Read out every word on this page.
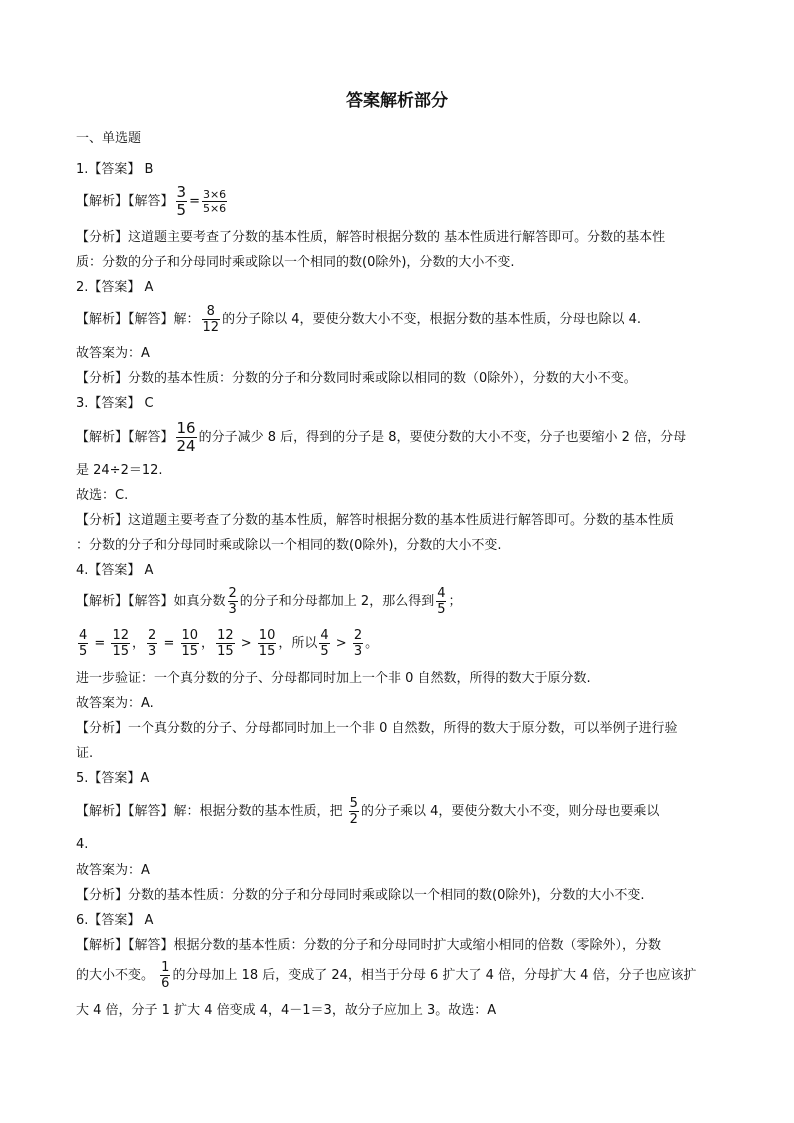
答案解析部分
一、单选题
1.【答案】 B
【解析】【解答】 $\frac{3}{5} = \frac{3\times 6}{5\times 6}$
【分析】这道题主要考查了分数的基本性质，解答时根据分数的 基本性质进行解答即可。分数的基本性
质：分数的分子和分母同时乘或除以一个相同的数(0除外)，分数的大小不变.
2.【答案】 A
【解析】【解答】解： $\frac{8}{12}$ 的分子除以 4，要使分数大小不变，根据分数的基本性质，分母也除以 4.
故答案为：A
【分析】分数的基本性质：分数的分子和分数同时乘或除以相同的数（0除外），分数的大小不变。
3.【答案】 C
【解析】【解答】 $\frac{16}{24}$ 的分子减少 8 后，得到的分子是 8，要使分数的大小不变，分子也要缩小 2 倍，分母
是 24÷2＝12.
故选：C.
【分析】这道题主要考查了分数的基本性质，解答时根据分数的基本性质进行解答即可。分数的基本性质
：分数的分子和分母同时乘或除以一个相同的数(0除外)，分数的大小不变.
4.【答案】 A
【解析】【解答】如真分数 $\frac{2}{3}$ 的分子和分母都加上 2，那么得到 $\frac{4}{5}$ ；
$\frac{4}{5} = \frac{12}{15}$ ， $\frac{2}{3} = \frac{10}{15}$ ， $\frac{12}{15} > \frac{10}{15}$ ，所以 $\frac{4}{5} > \frac{2}{3}$ 。
进一步验证：一个真分数的分子、分母都同时加上一个非 0 自然数，所得的数大于原分数.
故答案为：A.
【分析】一个真分数的分子、分母都同时加上一个非 0 自然数，所得的数大于原分数，可以举例子进行验
证.
5.【答案】A
【解析】【解答】解：根据分数的基本性质，把 $\frac{5}{2}$ 的分子乘以 4，要使分数大小不变，则分母也要乘以
4.
故答案为：A
【分析】分数的基本性质：分数的分子和分母同时乘或除以一个相同的数(0除外)，分数的大小不变.
6.【答案】 A
【解析】【解答】根据分数的基本性质：分数的分子和分母同时扩大或缩小相同的倍数（零除外），分数
的大小不变。 $\frac{1}{6}$ 的分母加上 18 后，变成了 24，相当于分母 6 扩大了 4 倍，分母扩大 4 倍，分子也应该扩
大 4 倍，分子 1 扩大 4 倍变成 4，4－1＝3，故分子应加上 3。故选：A
